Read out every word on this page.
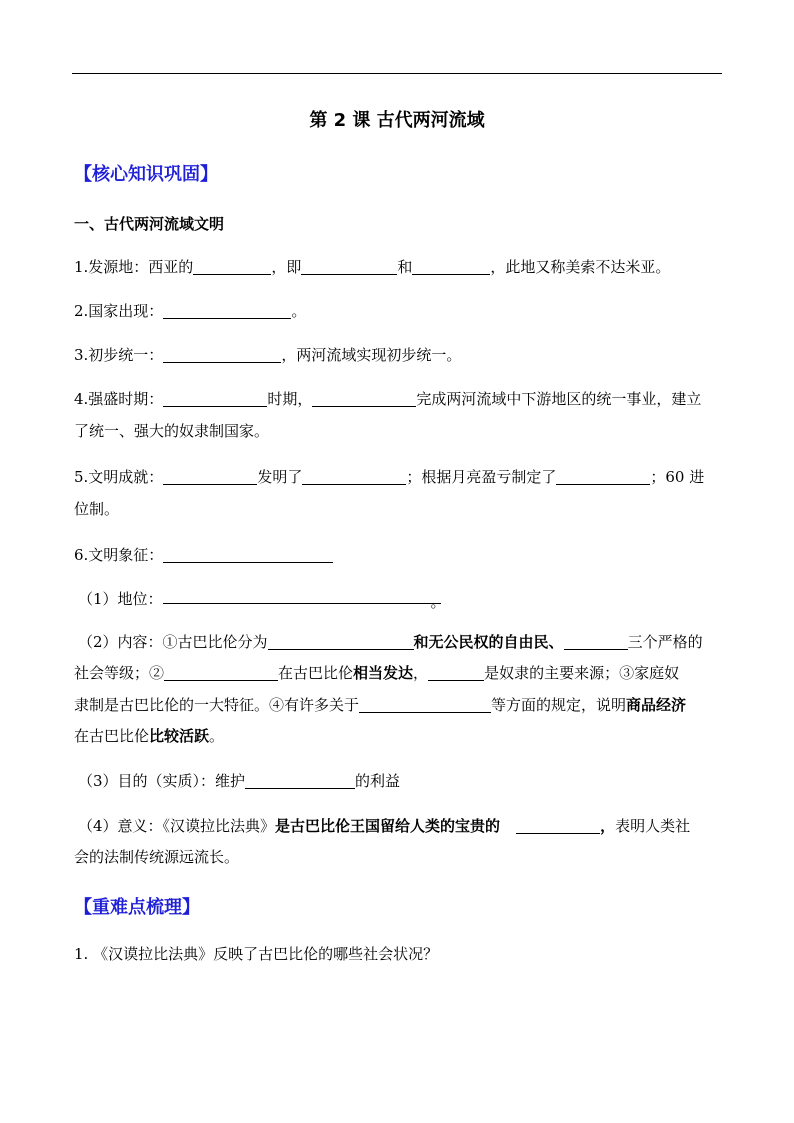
第 2 课 古代两河流域
【核心知识巩固】
一、古代两河流域文明
1.发源地：西亚的	，即	和	，此地又称美索不达米亚。
2.国家出现：	。
3.初步统一：	，两河流域实现初步统一。
4.强盛时期：	时期，	完成两河流域中下游地区的统一事业，建立
了统一、强大的奴隶制国家。
5.文明成就：	发明了	；根据月亮盈亏制定了	；60 进
位制。
6.文明象征：
（1）地位：	。
（2）内容：①古巴比伦分为	和无公民权的自由民、	三个严格的
社会等级；②	在古巴比伦相当发达，	是奴隶的主要来源；③家庭奴
隶制是古巴比伦的一大特征。④有许多关于	等方面的规定，说明商品经济
在古巴比伦比较活跃。
（3）目的（实质）：维护	的利益
（4）意义：《汉谟拉比法典》是古巴比伦王国留给人类的宝贵的	，表明人类社
会的法制传统源远流长。
【重难点梳理】
1. 《汉谟拉比法典》反映了古巴比伦的哪些社会状况？
